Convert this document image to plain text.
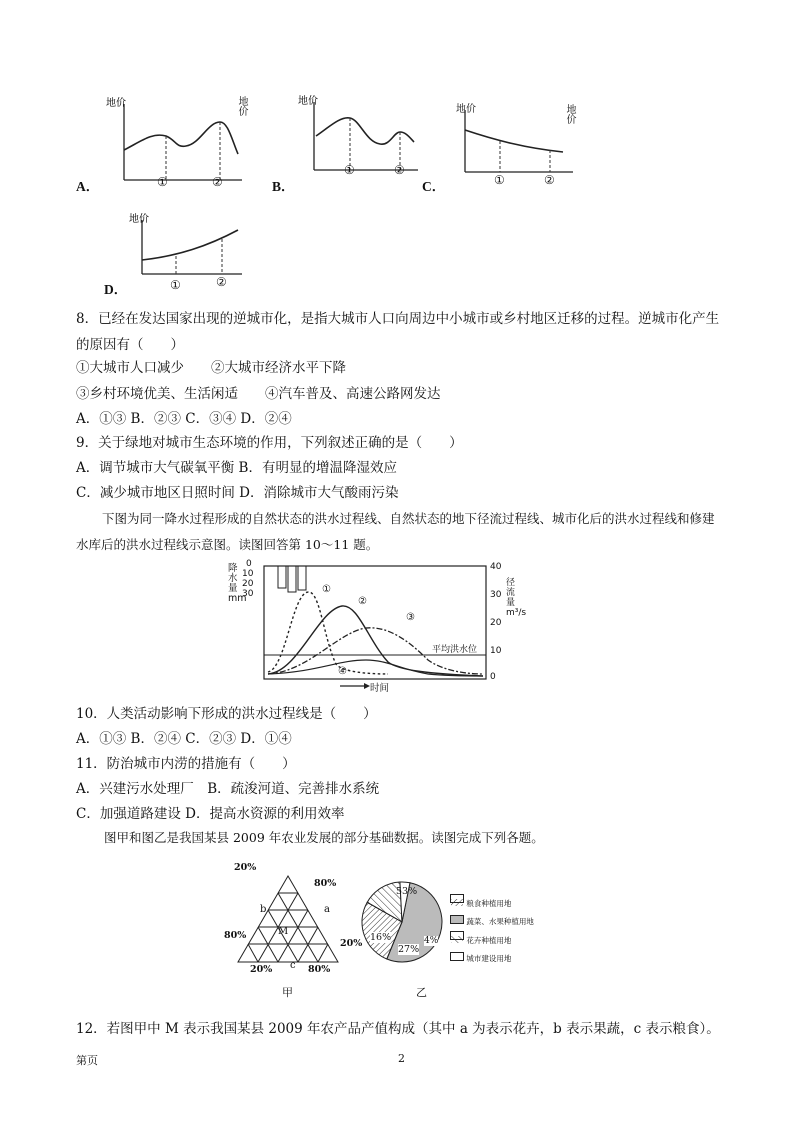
地价
①	②
地价
A．
地价
①	②
B．
地价
①	②
地价
C．
地价
①	②
D．
8．已经在发达国家出现的逆城市化，是指大城市人口向周边中小城市或乡村地区迁移的过程。逆城市化产生的原因有（　　）
①大城市人口减少　　②大城市经济水平下降
③乡村环境优美、生活闲适　　④汽车普及、高速公路网发达
A．①③ B．②③ C．③④ D．②④
9．关于绿地对城市生态环境的作用，下列叙述正确的是（　　）
A．调节城市大气碳氧平衡 B．有明显的增温降湿效应
C．减少城市地区日照时间 D．消除城市大气酸雨污染
下图为同一降水过程形成的自然状态的洪水过程线、自然状态的地下径流过程线、城市化后的洪水过程线和修建水库后的洪水过程线示意图。读图回答第 10～11 题。
降水量mm
0
10
20
30
40
30
20
10
0
径流量m³/s
平均洪水位
时间
①
②
③
④
10．人类活动影响下形成的洪水过程线是（　　）
A．①③ B．②④ C．②③ D．①④
11．防治城市内涝的措施有（　　）
A．兴建污水处理厂　B．疏浚河道、完善排水系统
C．加强道路建设 D．提高水资源的利用效率
图甲和图乙是我国某县 2009 年农业发展的部分基础数据。读图完成下列各题。
20%
80%
20%
80%
20%	80%
a
b
c
M
甲
53%
27%
16%	4%
粮食种植用地
蔬菜、水果种植用地
花卉种植用地
城市建设用地
乙
12．若图甲中 M 表示我国某县 2009 年农产品产值构成（其中 a 为表示花卉，b 表示果蔬，c 表示粮食）。
第页	2
